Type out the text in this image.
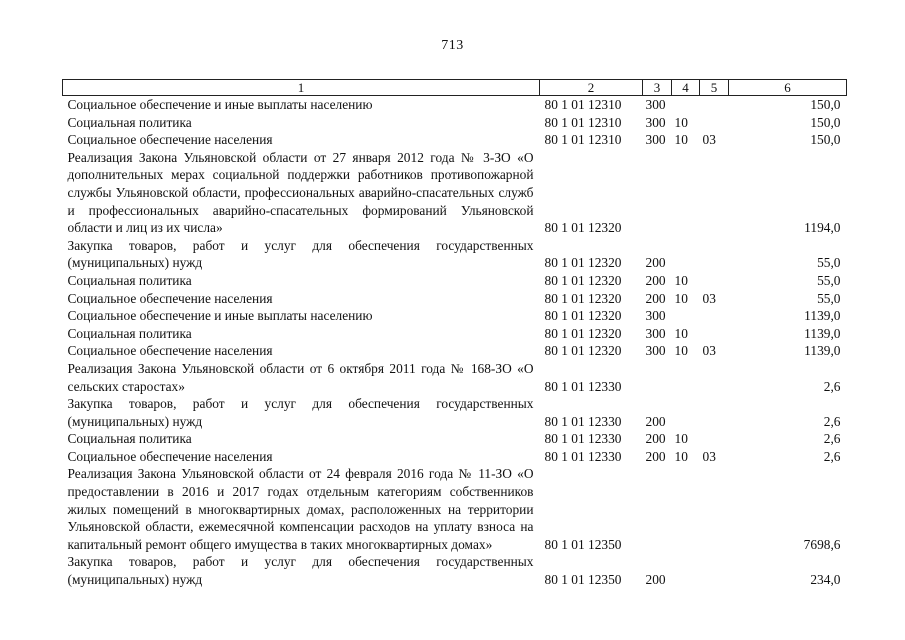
713
1	2	3	4	5	6
Социальное обеспечение и иные выплаты населению	80 1 01 12310	300			150,0
Социальная политика	80 1 01 12310	300	10		150,0
Социальное обеспечение населения	80 1 01 12310	300	10	03	150,0
Реализация Закона Ульяновской области от 27 января 2012 года № 3-ЗО «О дополнительных мерах социальной поддержки работников противопожарной службы Ульяновской области, профессиональных аварийно-спасательных служб и профессиональных аварийно-спасательных формирований Ульяновской области и лиц из их числа»	80 1 01 12320				1194,0
Закупка товаров, работ и услуг для обеспечения государственных (муниципальных) нужд	80 1 01 12320	200			55,0
Социальная политика	80 1 01 12320	200	10		55,0
Социальное обеспечение населения	80 1 01 12320	200	10	03	55,0
Социальное обеспечение и иные выплаты населению	80 1 01 12320	300			1139,0
Социальная политика	80 1 01 12320	300	10		1139,0
Социальное обеспечение населения	80 1 01 12320	300	10	03	1139,0
Реализация Закона Ульяновской области от 6 октября 2011 года № 168-ЗО «О сельских старостах»	80 1 01 12330				2,6
Закупка товаров, работ и услуг для обеспечения государственных (муниципальных) нужд	80 1 01 12330	200			2,6
Социальная политика	80 1 01 12330	200	10		2,6
Социальное обеспечение населения	80 1 01 12330	200	10	03	2,6
Реализация Закона Ульяновской области от 24 февраля 2016 года № 11-ЗО «О предоставлении в 2016 и 2017 годах отдельным категориям собственников жилых помещений в многоквартирных домах, расположенных на территории Ульяновской области, ежемесячной компенсации расходов на уплату взноса на капитальный ремонт общего имущества в таких многоквартирных домах»	80 1 01 12350				7698,6
Закупка товаров, работ и услуг для обеспечения государственных (муниципальных) нужд	80 1 01 12350	200			234,0
